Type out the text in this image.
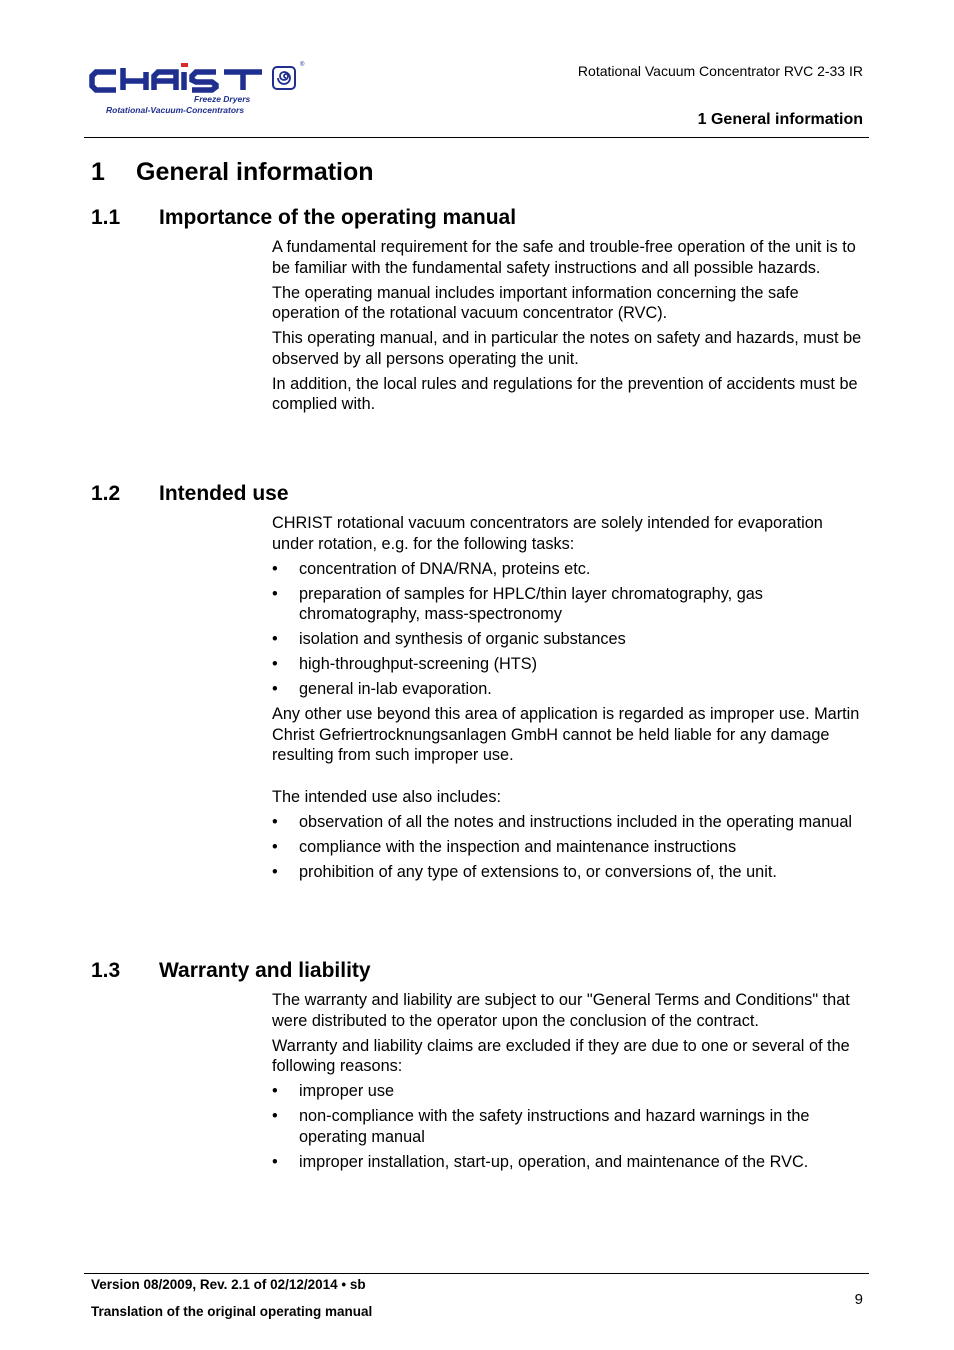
®
Freeze Dryers
Rotational-Vacuum-Concentrators
Rotational Vacuum Concentrator RVC 2-33 IR
1 General information
1 General information
1.1 Importance of the operating manual

A fundamental requirement for the safe and trouble-free operation of the unit is to be familiar with the fundamental safety instructions and all possible hazards.

The operating manual includes important information concerning the safe operation of the rotational vacuum concentrator (RVC).

This operating manual, and in particular the notes on safety and hazards, must be observed by all persons operating the unit.

In addition, the local rules and regulations for the prevention of accidents must be complied with.

1.2 Intended use

CHRIST rotational vacuum concentrators are solely intended for evaporation under rotation, e.g. for the following tasks:

• concentration of DNA/RNA, proteins etc.
• preparation of samples for HPLC/thin layer chromatography, gas chromatography, mass-spectronomy
• isolation and synthesis of organic substances
• high-throughput-screening (HTS)
• general in-lab evaporation.

Any other use beyond this area of application is regarded as improper use. Martin Christ Gefriertrocknungsanlagen GmbH cannot be held liable for any damage resulting from such improper use.

The intended use also includes:

• observation of all the notes and instructions included in the operating manual
• compliance with the inspection and maintenance instructions
• prohibition of any type of extensions to, or conversions of, the unit.
1.3 Warranty and liability

The warranty and liability are subject to our "General Terms and Conditions" that were distributed to the operator upon the conclusion of the contract.

Warranty and liability claims are excluded if they are due to one or several of the following reasons:

• improper use
• non-compliance with the safety instructions and hazard warnings in the operating manual
• improper installation, start-up, operation, and maintenance of the RVC.
Version 08/2009, Rev. 2.1 of 02/12/2014 • sb
Translation of the original operating manual
9
